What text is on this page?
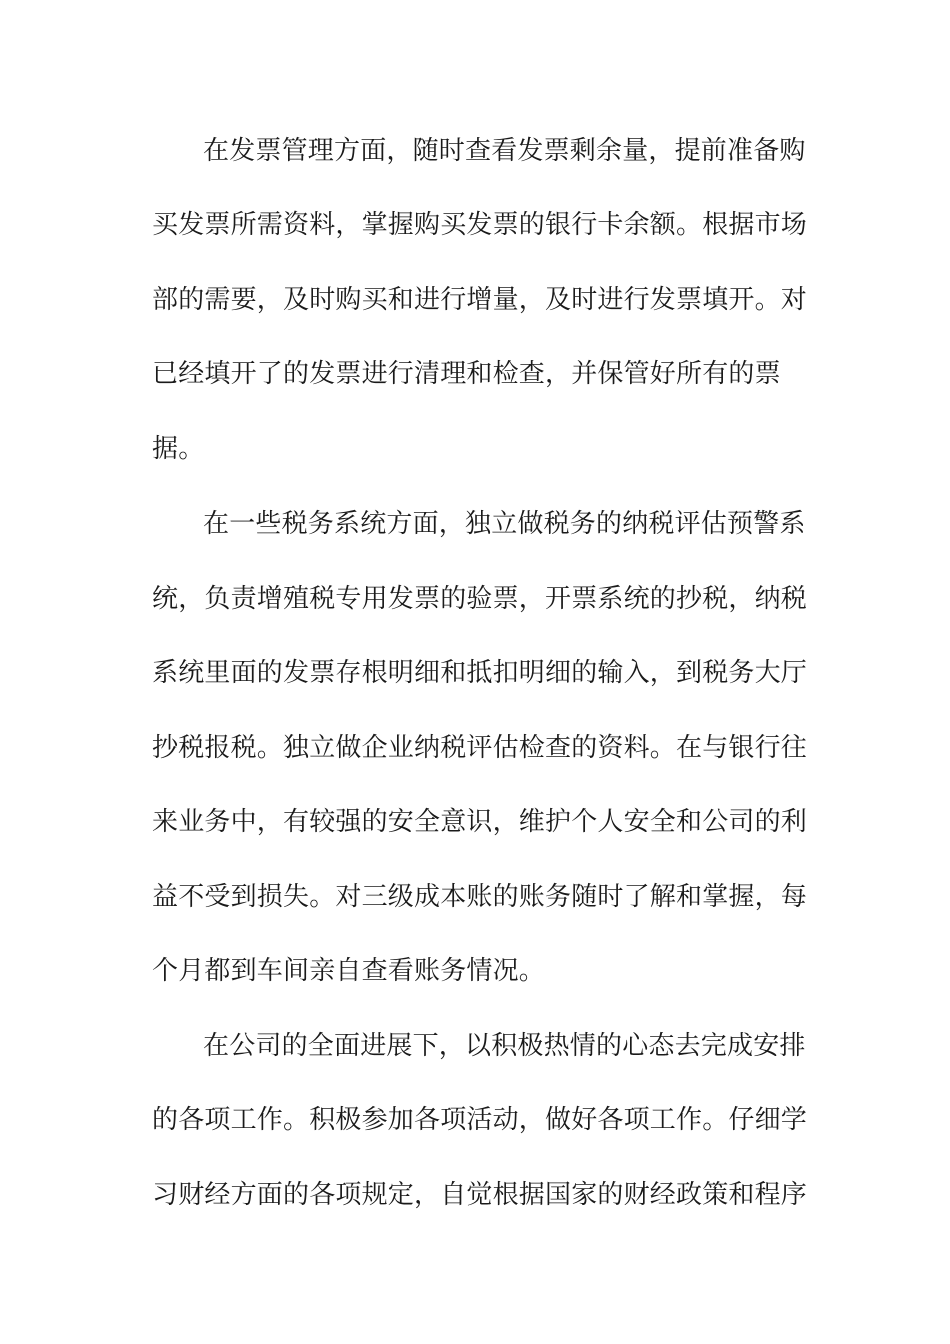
在发票管理方面，随时查看发票剩余量，提前准备购
买发票所需资料，掌握购买发票的银行卡余额。根据市场
部的需要，及时购买和进行增量，及时进行发票填开。对
已经填开了的发票进行清理和检查，并保管好所有的票
据。
在一些税务系统方面，独立做税务的纳税评估预警系
统，负责增殖税专用发票的验票，开票系统的抄税，纳税
系统里面的发票存根明细和抵扣明细的输入，到税务大厅
抄税报税。独立做企业纳税评估检查的资料。在与银行往
来业务中，有较强的安全意识，维护个人安全和公司的利
益不受到损失。对三级成本账的账务随时了解和掌握，每
个月都到车间亲自查看账务情况。
在公司的全面进展下，以积极热情的心态去完成安排
的各项工作。积极参加各项活动，做好各项工作。仔细学
习财经方面的各项规定，自觉根据国家的财经政策和程序
